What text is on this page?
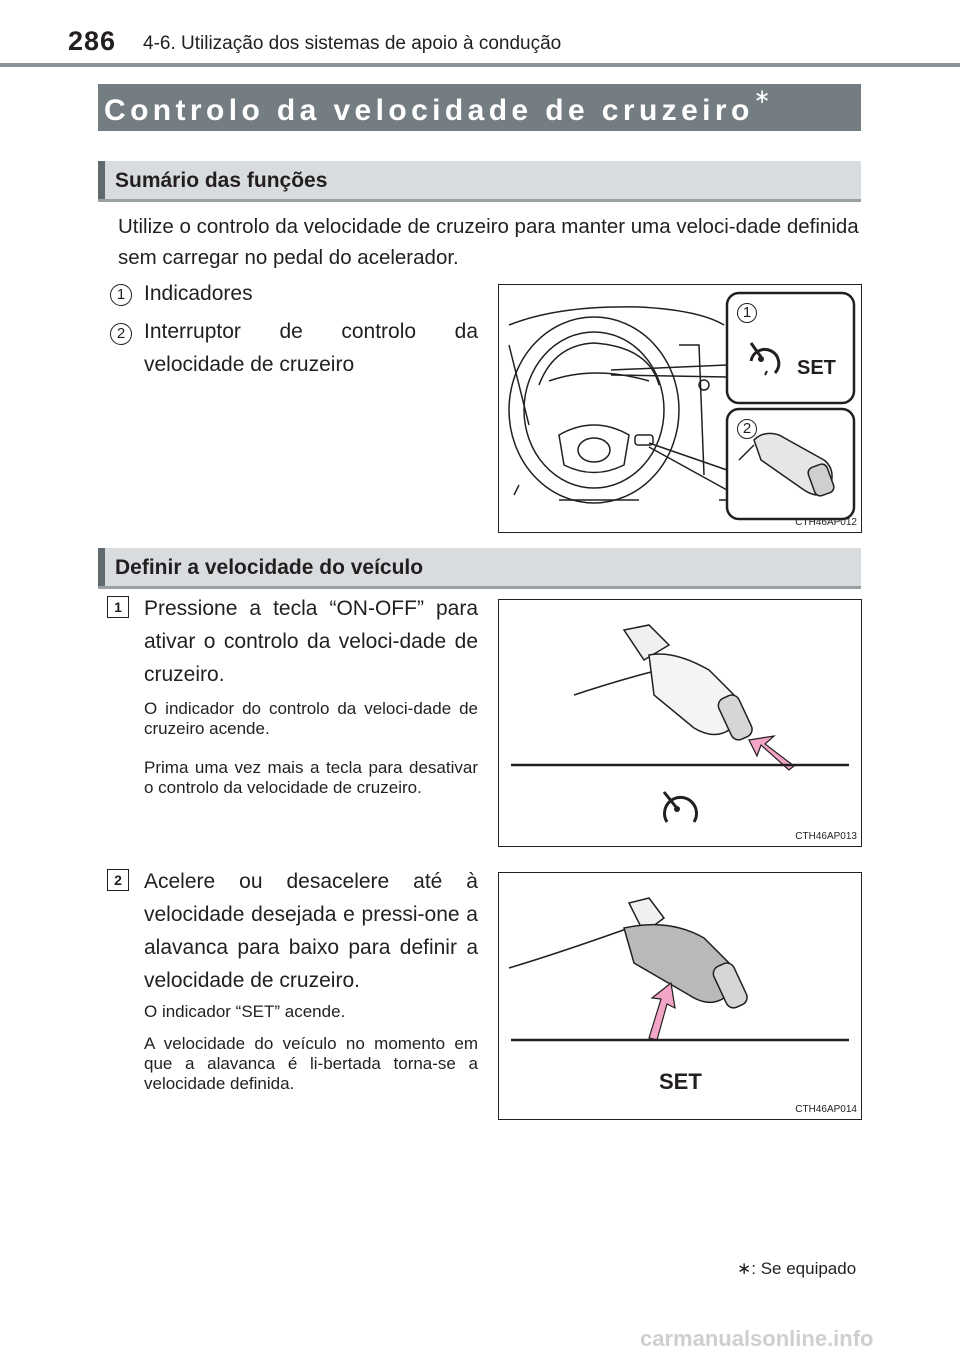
286 4-6. Utilização dos sistemas de apoio à condução
Controlo da velocidade de cruzeiro∗
Sumário das funções
Utilize o controlo da velocidade de cruzeiro para manter uma veloci-dade definida sem carregar no pedal do acelerador.
1 Indicadores
2 Interruptor de controlo da velocidade de cruzeiro
1
SET
2
CTH46AP012
Definir a velocidade do veículo
1	Pressione a tecla “ON-OFF” para ativar o controlo da veloci-dade de cruzeiro.
O indicador do controlo da veloci-dade de cruzeiro acende.
Prima uma vez mais a tecla para desativar o controlo da velocidade de cruzeiro.
CTH46AP013
2	Acelere ou desacelere até à velocidade desejada e pressi-one a alavanca para baixo para definir a velocidade de cruzeiro.
O indicador “SET” acende.
A velocidade do veículo no momento em que a alavanca é li-bertada torna-se a velocidade definida.	SET
CTH46AP014
∗: Se equipado
carmanualsonline.info
